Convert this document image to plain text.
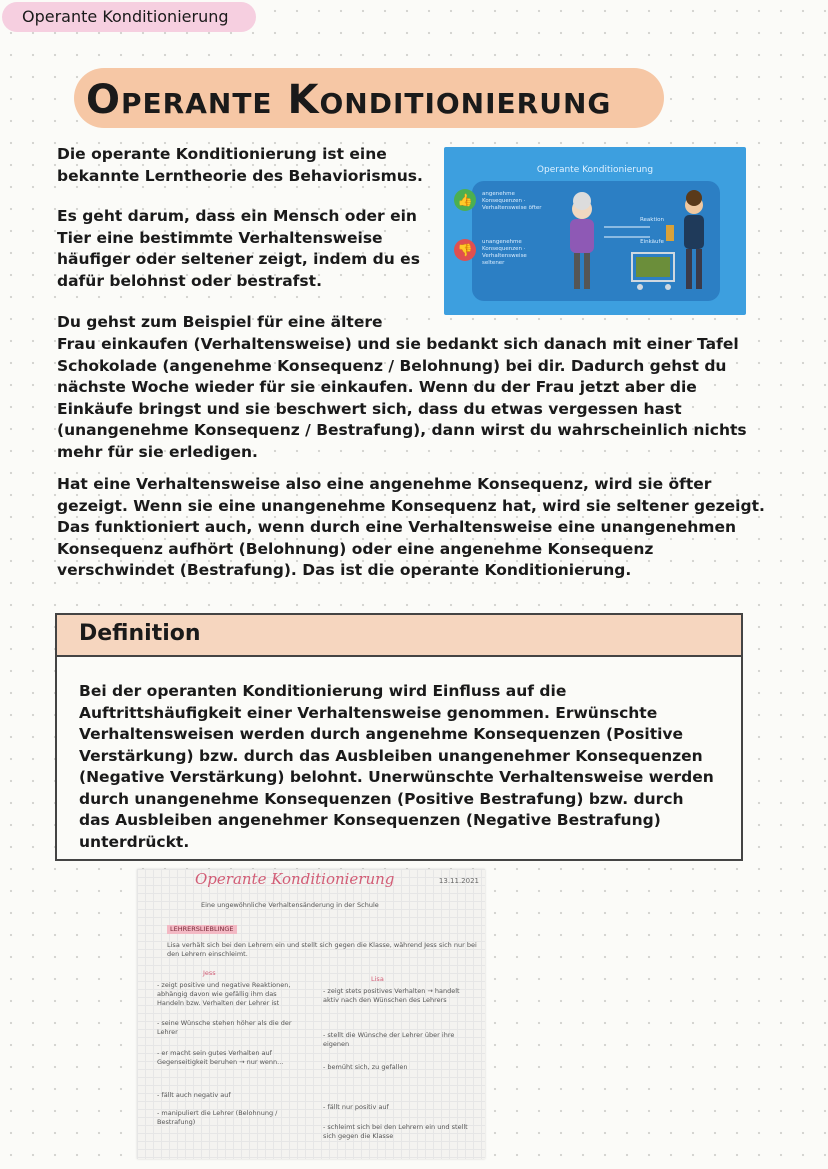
Operante Konditionierung
Operante Konditionierung

Die operante Konditionierung ist eine bekannte Lerntheorie des Behaviorismus.

Es geht darum, dass ein Mensch oder ein Tier eine bestimmte Verhaltensweise häufiger oder seltener zeigt, indem du es dafür belohnst oder bestrafst.

Du gehst zum Beispiel für eine ältere

Frau einkaufen (Verhaltensweise) und sie bedankt sich danach mit einer Tafel Schokolade (angenehme Konsequenz / Belohnung) bei dir. Dadurch gehst du nächste Woche wieder für sie einkaufen. Wenn du der Frau jetzt aber die Einkäufe bringst und sie beschwert sich, dass du etwas vergessen hast (unangenehme Konsequenz / Bestrafung), dann wirst du wahrscheinlich nichts mehr für sie erledigen.

Hat eine Verhaltensweise also eine angenehme Konsequenz, wird sie öfter gezeigt. Wenn sie eine unangenehme Konsequenz hat, wird sie seltener gezeigt. Das funktioniert auch, wenn durch eine Verhaltensweise eine unangenehmen Konsequenz aufhört (Belohnung) oder eine angenehme Konsequenz verschwindet (Bestrafung). Das ist die operante Konditionierung.

Operante Konditionierung
👍	angenehme Konsequenzen · Verhaltensweise öfter
👎
unangenehme Konsequenzen · Verhaltensweise seltener
Reaktion
Einkäufe
Definition

Bei der operanten Konditionierung wird Einfluss auf die Auftrittshäufigkeit einer Verhaltensweise genommen. Erwünschte Verhaltensweisen werden durch angenehme Konsequenzen (Positive Verstärkung) bzw. durch das Ausbleiben unangenehmer Konsequenzen (Negative Verstärkung) belohnt. Unerwünschte Verhaltensweise werden durch unangenehme Konsequenzen (Positive Bestrafung) bzw. durch das Ausbleiben angenehmer Konsequenzen (Negative Bestrafung) unterdrückt.

Operante Konditionierung	13.11.2021
Eine ungewöhnliche Verhaltensänderung in der Schule
LEHRERSLIEBLINGE
Lisa verhält sich bei den Lehrern ein und stellt sich gegen die Klasse, während Jess sich nur bei den Lehrern einschleimt.
Jess
Lisa
- zeigt positive und negative Reaktionen, abhängig davon wie gefällig ihm das Handeln bzw. Verhalten der Lehrer ist
- seine Wünsche stehen höher als die der Lehrer
- er macht sein gutes Verhalten auf Gegenseitigkeit beruhen → nur wenn...
- fällt auch negativ auf
- manipuliert die Lehrer (Belohnung / Bestrafung)
- zeigt stets positives Verhalten → handelt aktiv nach den Wünschen des Lehrers
- stellt die Wünsche der Lehrer über ihre eigenen
- bemüht sich, zu gefallen
- fällt nur positiv auf
- schleimt sich bei den Lehrern ein und stellt sich gegen die Klasse
